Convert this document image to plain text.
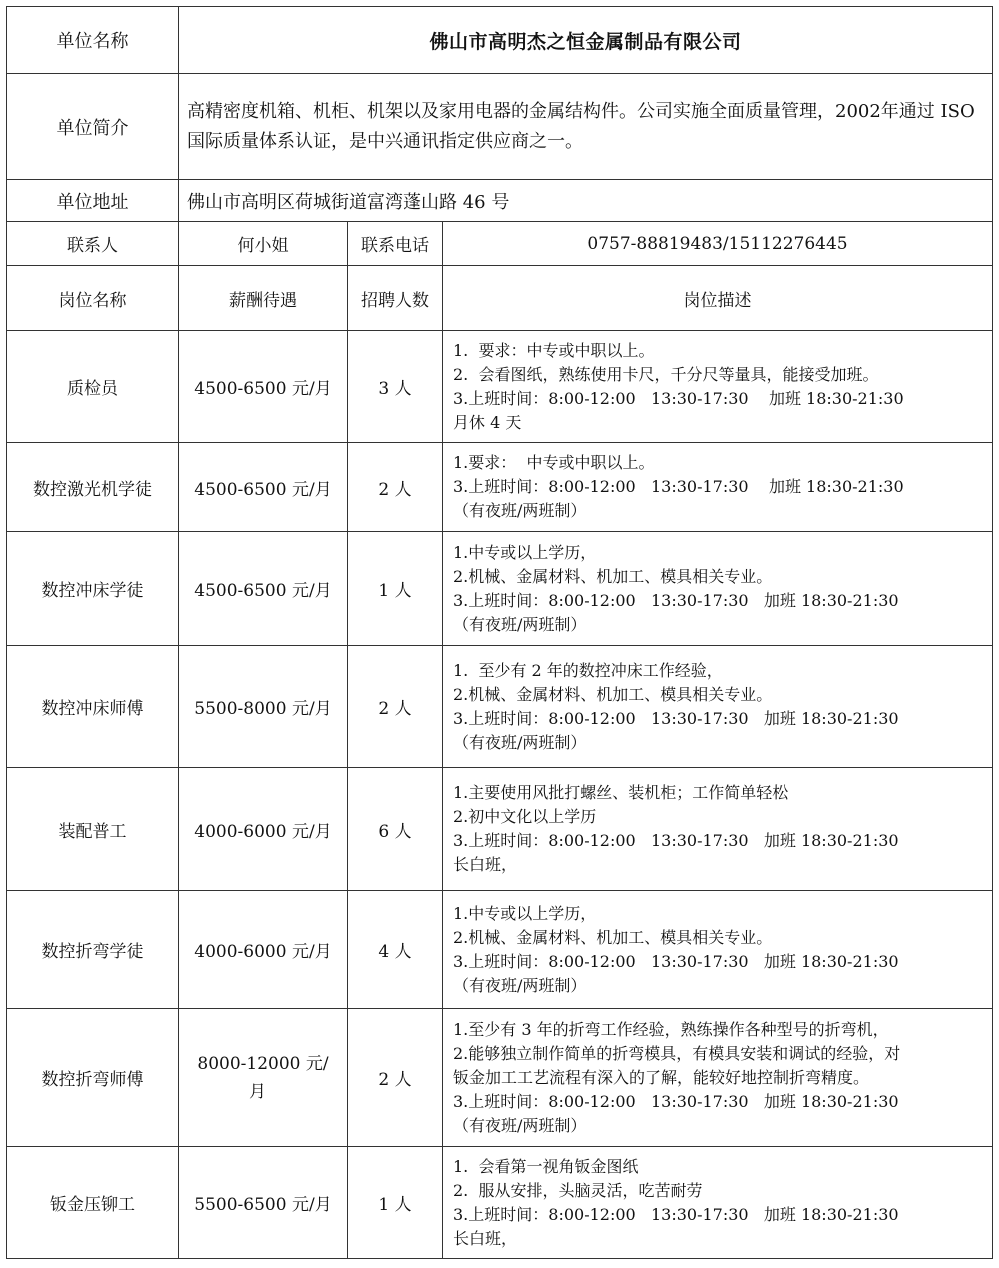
单位名称	佛山市高明杰之恒金属制品有限公司		
单位简介	高精密度机箱、机柜、机架以及家用电器的金属结构件。公司实施全面质量管理，2002年通过 ISO 国际质量体系认证，是中兴通讯指定供应商之一。		
单位地址	佛山市高明区荷城街道富湾蓬山路 46 号		
联系人	何小姐	联系电话	0757-88819483/15112276445
岗位名称	薪酬待遇	招聘人数	岗位描述
质检员	4500-6500 元/月	3 人	1.  要求：中专或中职以上。
2.  会看图纸，熟练使用卡尺，千分尺等量具，能接受加班。
3.上班时间：8:00-12:00   13:30-17:30    加班 18:30-21:30
月休 4 天

数控激光机学徒	4500-6500 元/月	2 人	1.要求：  中专或中职以上。
3.上班时间：8:00-12:00   13:30-17:30    加班 18:30-21:30
（有夜班/两班制）

数控冲床学徒	4500-6500 元/月	1 人	1.中专或以上学历，
2.机械、金属材料、机加工、模具相关专业。
3.上班时间：8:00-12:00   13:30-17:30   加班 18:30-21:30
（有夜班/两班制）

数控冲床师傅	5500-8000 元/月	2 人	1.  至少有 2 年的数控冲床工作经验，
2.机械、金属材料、机加工、模具相关专业。
3.上班时间：8:00-12:00   13:30-17:30   加班 18:30-21:30
（有夜班/两班制）

装配普工	4000-6000 元/月	6 人	1.主要使用风批打螺丝、装机柜；工作简单轻松
2.初中文化以上学历
3.上班时间：8:00-12:00   13:30-17:30   加班 18:30-21:30
长白班，

数控折弯学徒	4000-6000 元/月	4 人	1.中专或以上学历，
2.机械、金属材料、机加工、模具相关专业。
3.上班时间：8:00-12:00   13:30-17:30   加班 18:30-21:30
（有夜班/两班制）

数控折弯师傅	8000-12000 元/
月	2 人	1.至少有 3 年的折弯工作经验，熟练操作各种型号的折弯机，
2.能够独立制作简单的折弯模具，有模具安装和调试的经验，对
钣金加工工艺流程有深入的了解，能较好地控制折弯精度。
3.上班时间：8:00-12:00   13:30-17:30   加班 18:30-21:30
（有夜班/两班制）

钣金压铆工	5500-6500 元/月	1 人	1.  会看第一视角钣金图纸
2.  服从安排，头脑灵活，吃苦耐劳
3.上班时间：8:00-12:00   13:30-17:30   加班 18:30-21:30
长白班，
